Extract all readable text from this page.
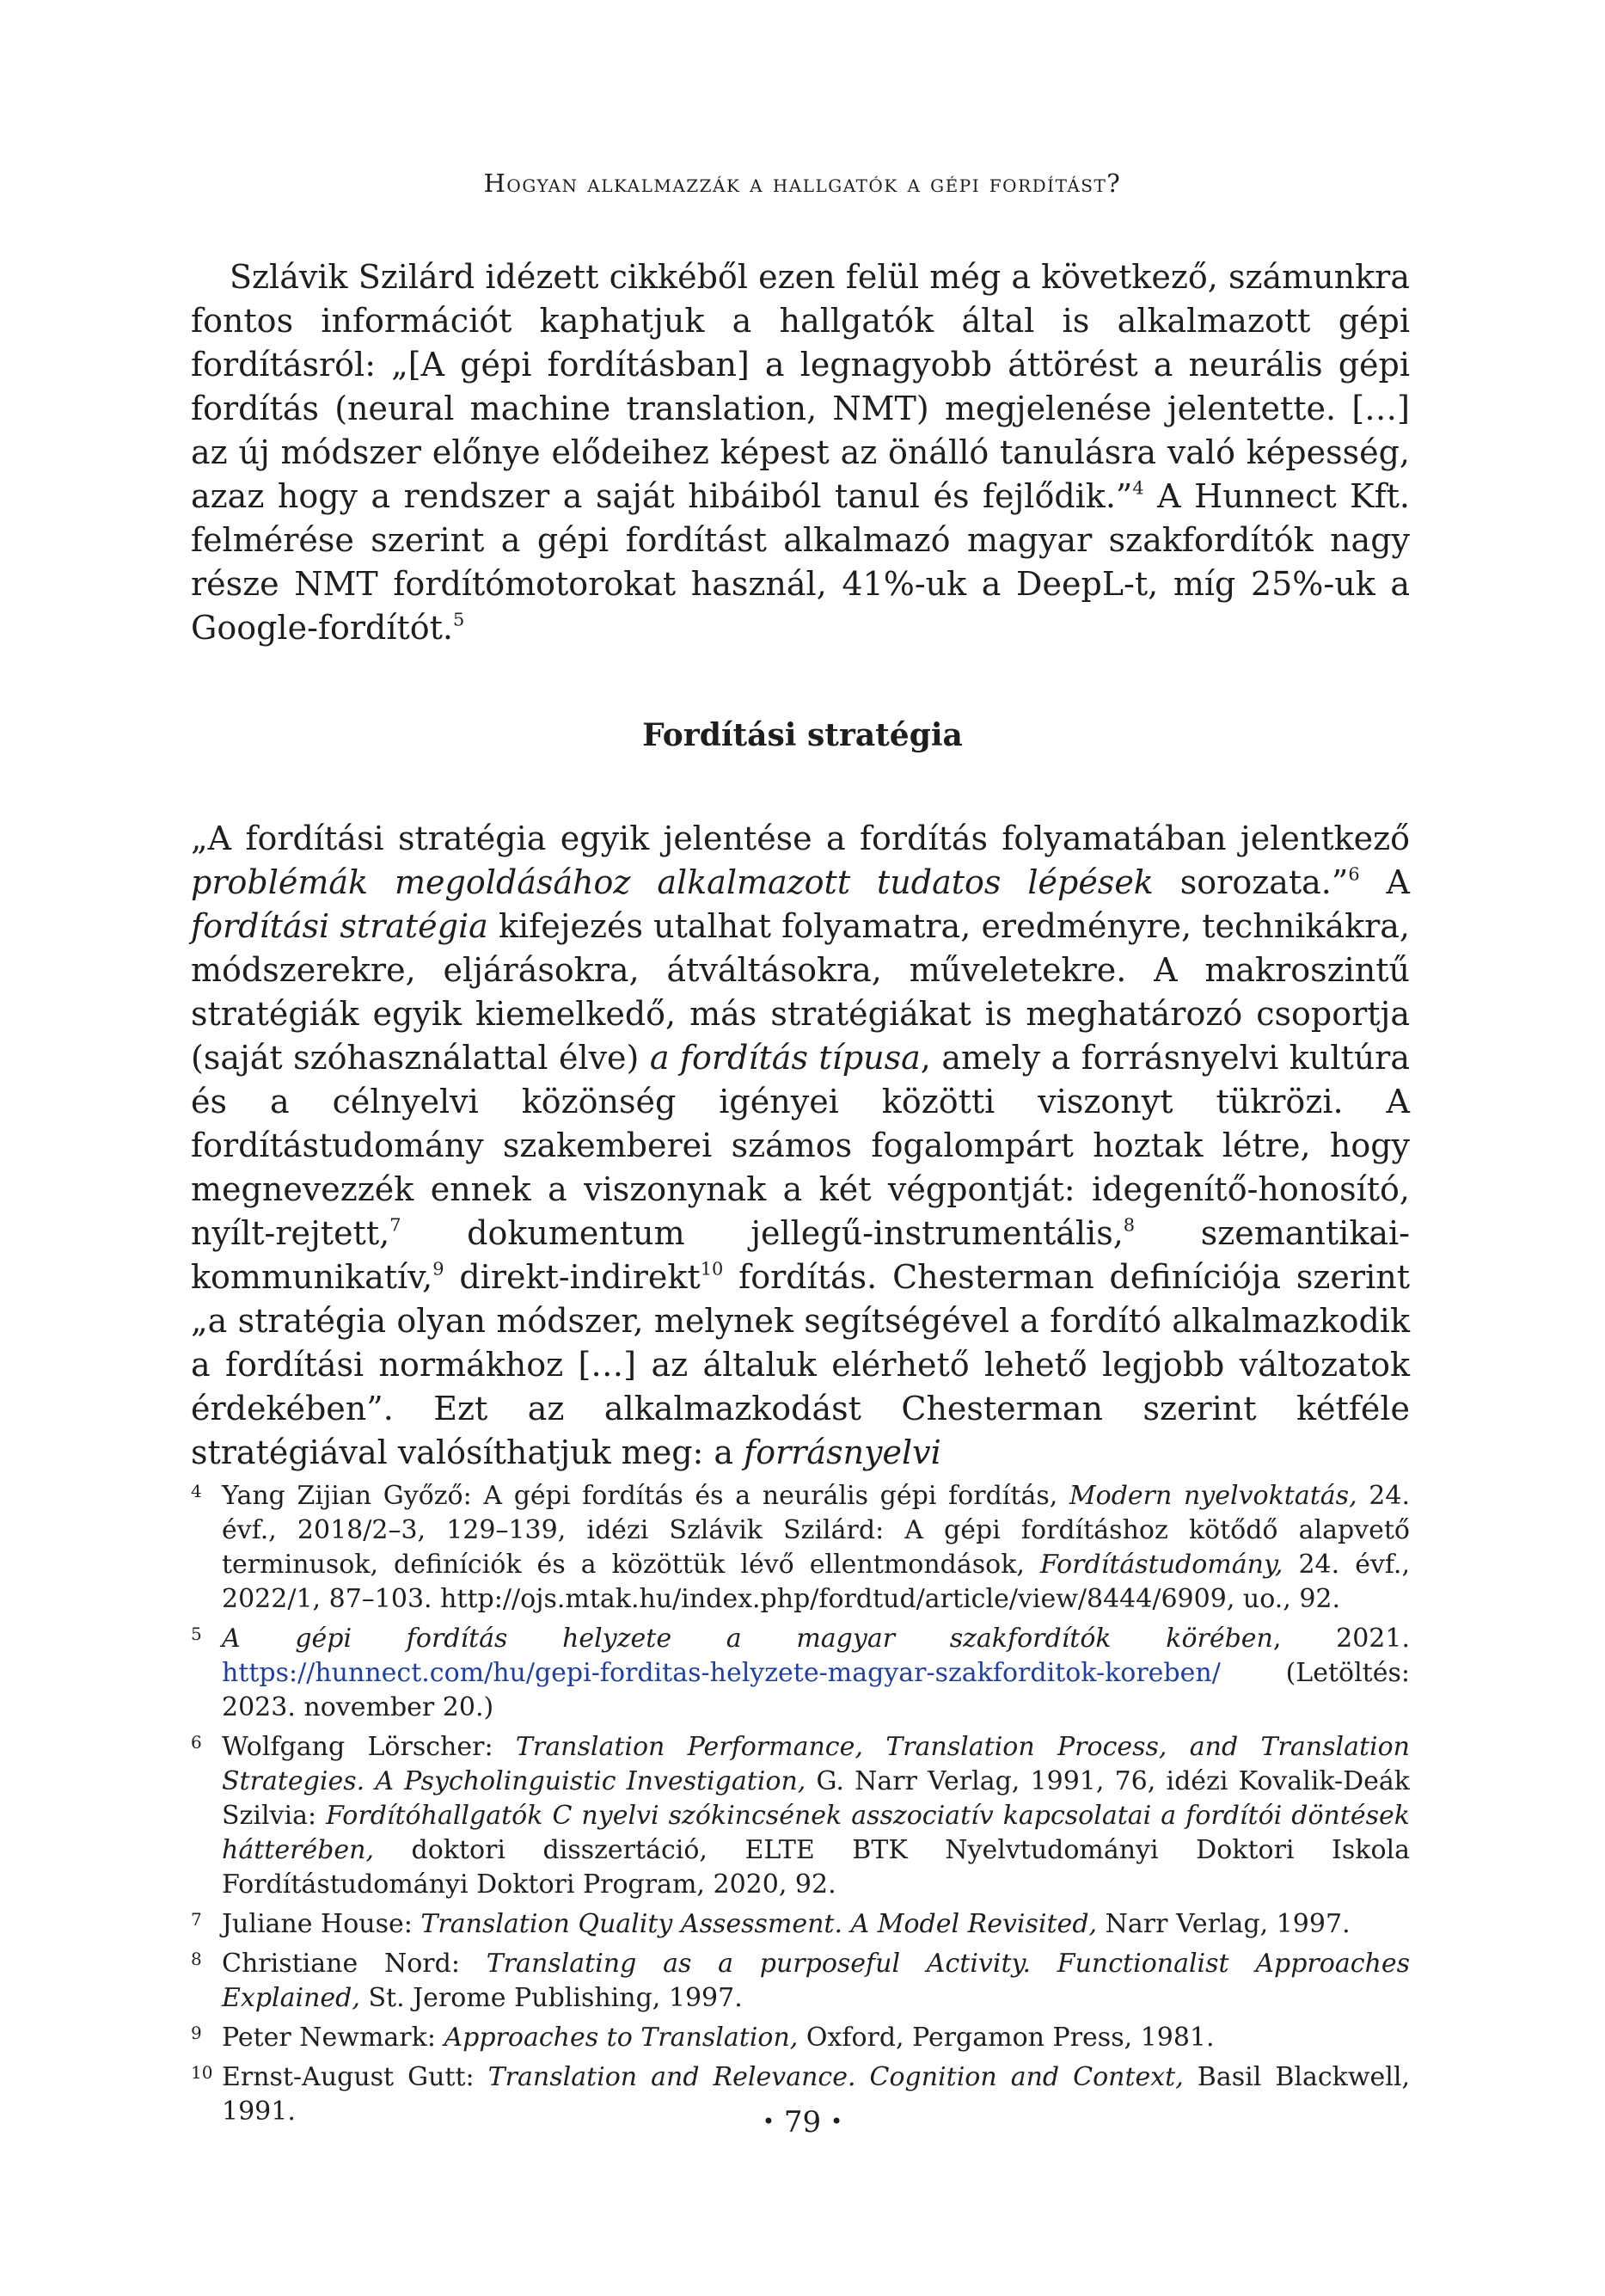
Hogyan alkalmazzák a hallgatók a gépi fordítást?

Szlávik Szilárd idézett cikkéből ezen felül még a következő, számunkra fontos információt kaphatjuk a hallgatók által is alkalmazott gépi fordításról: „[A gépi fordításban] a legnagyobb áttörést a neurális gépi fordítás (neural machine translation, NMT) megjelenése jelentette. […] az új módszer előnye elődeihez képest az önálló tanulásra való képesség, azaz hogy a rendszer a saját hibáiból tanul és fejlődik.”$^4$ A Hunnect Kft. felmérése szerint a gépi fordítást alkalmazó magyar szakfordítók nagy része NMT fordítómotorokat használ, 41%-uk a DeepL-t, míg 25%-uk a Google-fordítót.$^5$

Fordítási stratégia

„A fordítási stratégia egyik jelentése a fordítás folyamatában jelentkező problémák megoldásához alkalmazott tudatos lépések sorozata.”$^6$ A fordítási stratégia kifejezés utalhat folyamatra, eredményre, technikákra, módszerekre, eljárásokra, átváltásokra, műveletekre. A makroszintű stratégiák egyik kiemelkedő, más stratégiákat is meghatározó csoportja (saját szóhasználattal élve) a fordítás típusa, amely a forrásnyelvi kultúra és a célnyelvi közönség igényei közötti viszonyt tükrözi. A fordítástudomány szakemberei számos fogalompárt hoztak létre, hogy megnevezzék ennek a viszonynak a két végpontját: idegenítő-honosító, nyílt-rejtett,$^7$ dokumentum jellegű-instrumentális,$^8$ szemantikai-kommunikatív,$^9$ direkt-indirekt$^{10}$ fordítás. Chesterman definíciója szerint „a stratégia olyan módszer, melynek segítségével a fordító alkalmazkodik a fordítási normákhoz […] az általuk elérhető lehető legjobb változatok érdekében”. Ezt az alkalmazkodást Chesterman szerint kétféle stratégiával valósíthatjuk meg: a forrásnyelvi

4 Yang Zijian Győző: A gépi fordítás és a neurális gépi fordítás, Modern nyelvoktatás, 24. évf., 2018/2–3, 129–139, idézi Szlávik Szilárd: A gépi fordításhoz kötődő alapvető terminusok, definíciók és a közöttük lévő ellentmondások, Fordítástudomány, 24. évf., 2022/1, 87–103. http://ojs.mtak.hu/index.php/fordtud/article/view/8444/6909, uo., 92.

5 A gépi fordítás helyzete a magyar szakfordítók körében, 2021. https://hunnect.com/hu/gepi-forditas-helyzete-magyar-szakforditok-koreben/ (Letöltés: 2023. november 20.)

6 Wolfgang Lörscher: Translation Performance, Translation Process, and Translation Strategies. A Psycholinguistic Investigation, G. Narr Verlag, 1991, 76, idézi Kovalik-Deák Szilvia: Fordítóhallgatók C nyelvi szókincsének asszociatív kapcsolatai a fordítói döntések hátterében, doktori disszertáció, ELTE BTK Nyelvtudományi Doktori Iskola Fordítástudományi Doktori Program, 2020, 92.

7 Juliane House: Translation Quality Assessment. A Model Revisited, Narr Verlag, 1997.

8 Christiane Nord: Translating as a purposeful Activity. Functionalist Approaches Explained, St. Jerome Publishing, 1997.

9 Peter Newmark: Approaches to Translation, Oxford, Pergamon Press, 1981.

10 Ernst-August Gutt: Translation and Relevance. Cognition and Context, Basil Blackwell, 1991.	• 79 •
